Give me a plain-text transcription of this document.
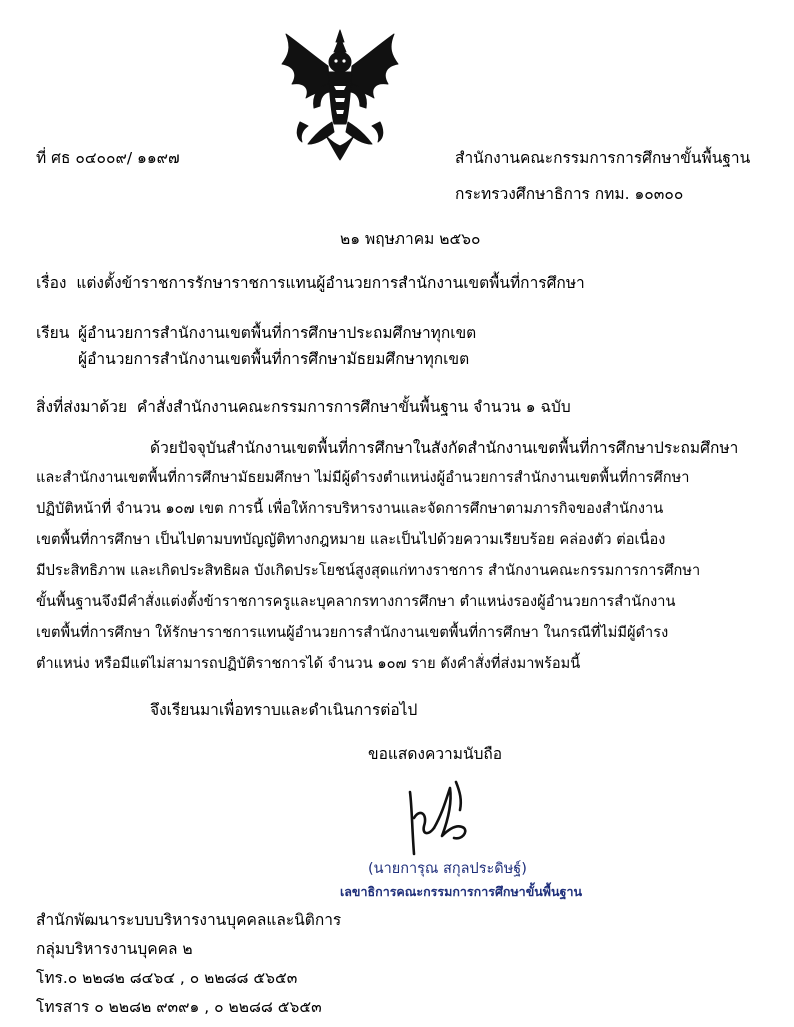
ที่ ศธ ๐๔๐๐๙/ ๑๑๙๗	สำนักงานคณะกรรมการการศึกษาขั้นพื้นฐาน
กระทรวงศึกษาธิการ กทม. ๑๐๓๐๐
๒๑ พฤษภาคม ๒๕๖๐
เรื่อง แต่งตั้งข้าราชการรักษาราชการแทนผู้อำนวยการสำนักงานเขตพื้นที่การศึกษา
เรียน ผู้อำนวยการสำนักงานเขตพื้นที่การศึกษาประถมศึกษาทุกเขต
ผู้อำนวยการสำนักงานเขตพื้นที่การศึกษามัธยมศึกษาทุกเขต
สิ่งที่ส่งมาด้วย คำสั่งสำนักงานคณะกรรมการการศึกษาขั้นพื้นฐาน จำนวน ๑ ฉบับ
ด้วยปัจจุบันสำนักงานเขตพื้นที่การศึกษาในสังกัดสำนักงานเขตพื้นที่การศึกษาประถมศึกษา
และสำนักงานเขตพื้นที่การศึกษามัธยมศึกษา ไม่มีผู้ดำรงตำแหน่งผู้อำนวยการสำนักงานเขตพื้นที่การศึกษา
ปฏิบัติหน้าที่ จำนวน ๑๐๗ เขต การนี้ เพื่อให้การบริหารงานและจัดการศึกษาตามภารกิจของสำนักงาน
เขตพื้นที่การศึกษา เป็นไปตามบทบัญญัติทางกฎหมาย และเป็นไปด้วยความเรียบร้อย คล่องตัว ต่อเนื่อง
มีประสิทธิภาพ และเกิดประสิทธิผล บังเกิดประโยชน์สูงสุดแก่ทางราชการ สำนักงานคณะกรรมการการศึกษา
ขั้นพื้นฐานจึงมีคำสั่งแต่งตั้งข้าราชการครูและบุคลากรทางการศึกษา ตำแหน่งรองผู้อำนวยการสำนักงาน
เขตพื้นที่การศึกษา ให้รักษาราชการแทนผู้อำนวยการสำนักงานเขตพื้นที่การศึกษา ในกรณีที่ไม่มีผู้ดำรง
ตำแหน่ง หรือมีแต่ไม่สามารถปฏิบัติราชการได้ จำนวน ๑๐๗ ราย ดังคำสั่งที่ส่งมาพร้อมนี้
จึงเรียนมาเพื่อทราบและดำเนินการต่อไป
ขอแสดงความนับถือ
(นายการุณ สกุลประดิษฐ์)
เลขาธิการคณะกรรมการการศึกษาขั้นพื้นฐาน
สำนักพัฒนาระบบบริหารงานบุคคลและนิติการ
กลุ่มบริหารงานบุคคล ๒
โทร.๐ ๒๒๘๒ ๘๔๖๔ , ๐ ๒๒๘๘ ๕๖๕๓
โทรสาร ๐ ๒๒๘๒ ๙๓๙๑ , ๐ ๒๒๘๘ ๕๖๕๓
